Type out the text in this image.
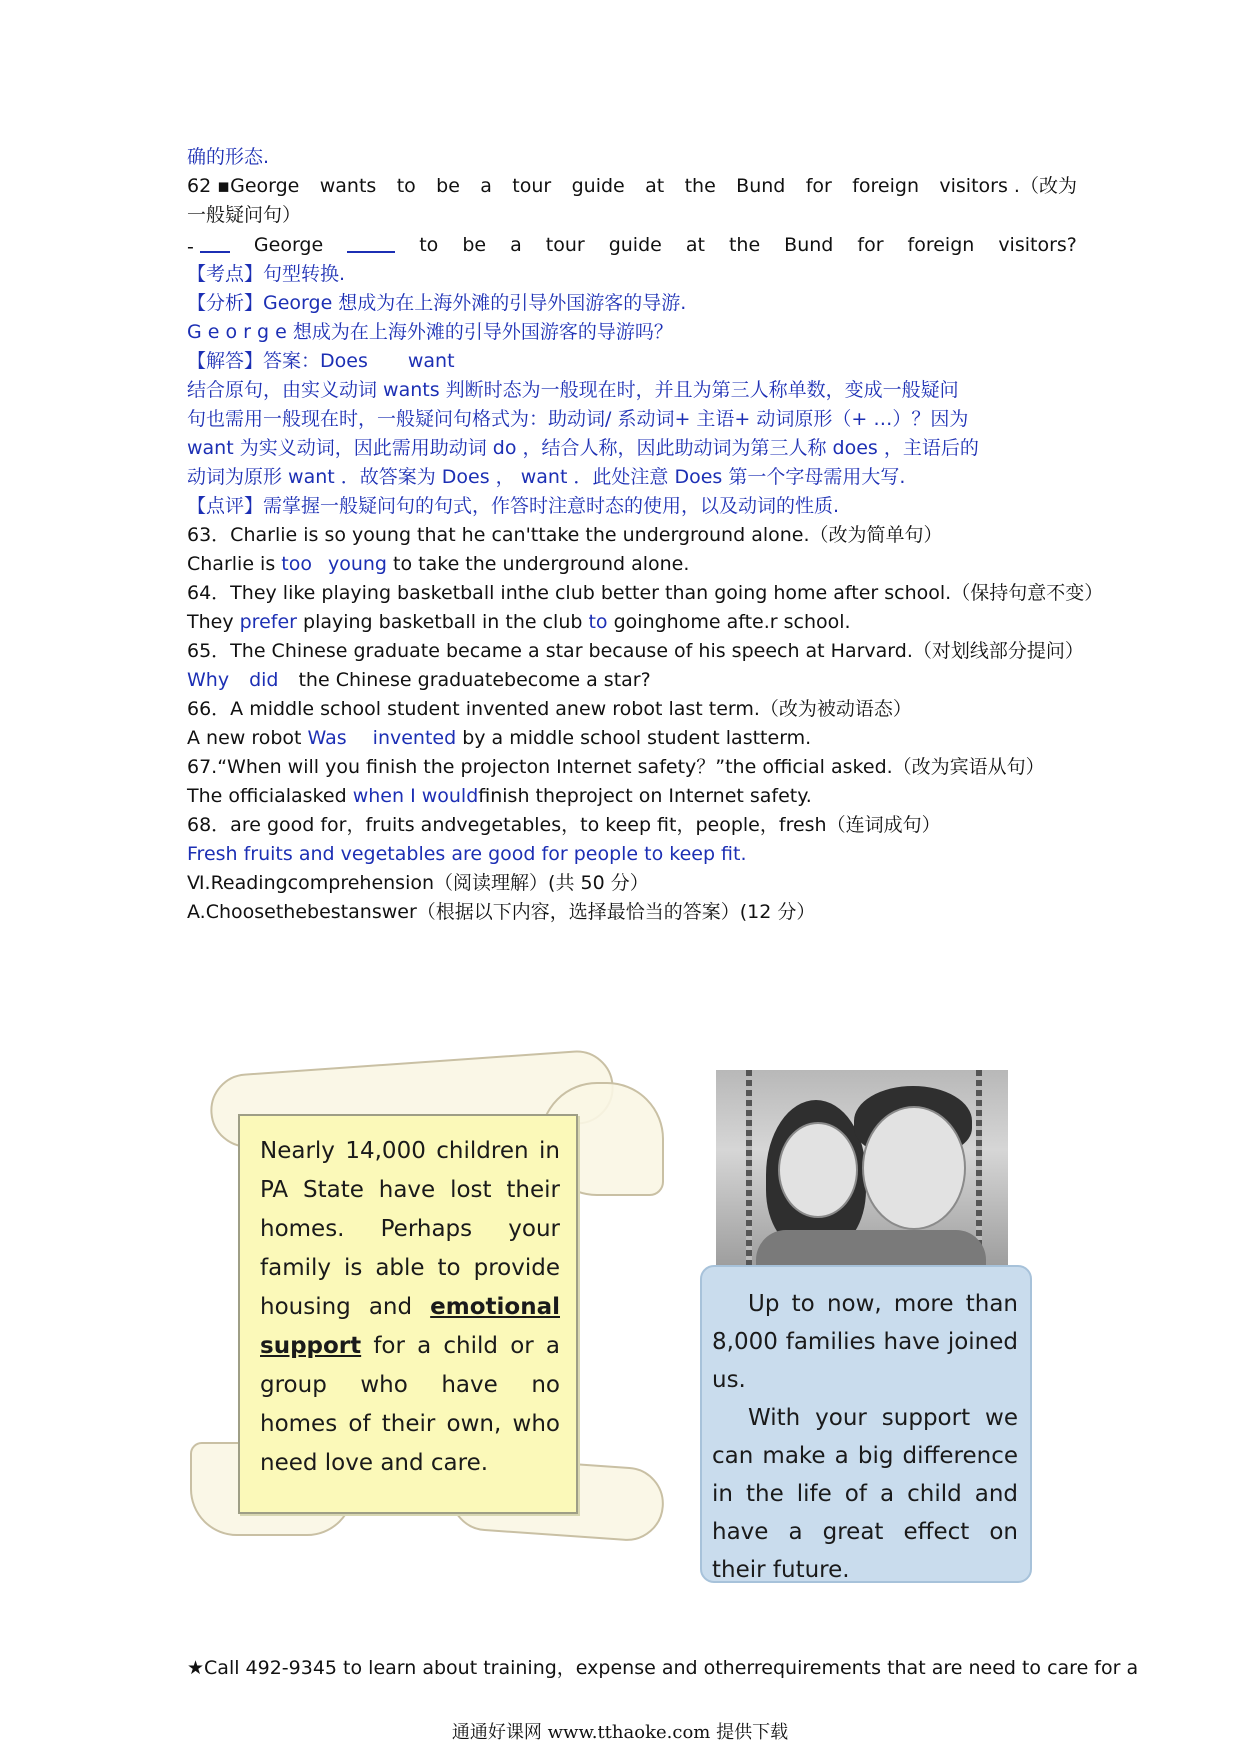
确的形态.
62 ▪George wants to be a tour guide at the Bund for foreign visitors .（改为
一般疑问句）
-	George	to be a tour guide at the Bund for foreign visitors?
【考点】句型转换.
【分析】George 想成为在上海外滩的引导外国游客的导游.
G e o r g e 想成为在上海外滩的引导外国游客的导游吗？
【解答】答案：Does want
结合原句，由实义动词 wants 判断时态为一般现在时，并且为第三人称单数，变成一般疑问
句也需用一般现在时，一般疑问句格式为：助动词/ 系动词+ 主语+ 动词原形（+ …）？因为
want 为实义动词，因此需用助动词 do ，结合人称，因此助动词为第三人称 does ，主语后的
动词为原形 want ．故答案为 Does ， want ．此处注意 Does 第一个字母需用大写.
【点评】需掌握一般疑问句的句式，作答时注意时态的使用，以及动词的性质.
63．Charlie is so young that he can'ttake the underground alone.（改为简单句）
Charlie is too young to take the underground alone.
64．They like playing basketball inthe club better than going home after school.（保持句意不变）
They prefer playing basketball in the club to goinghome afte.r school.
65．The Chinese graduate became a star because of his speech at Harvard.（对划线部分提问）
Why did the Chinese graduatebecome a star?
66．A middle school student invented anew robot last term.（改为被动语态）
A new robot Was invented by a middle school student lastterm.
67.“When will you finish the projecton Internet safety？”the official asked.（改为宾语从句）
The officialasked when I wouldfinish theproject on Internet safety.
68．are good for，fruits andvegetables，to keep fit，people，fresh（连词成句）
Fresh fruits and vegetables are good for people to keep fit.
Ⅵ.Readingcomprehension（阅读理解）(共 50 分）
A.Choosethebestanswer（根据以下内容，选择最恰当的答案）(12 分）
Nearly 14,000 children in PA State have lost their homes. Perhaps your family is able to provide housing and emotional support for a child or a group who have no homes of their own, who need love and care.
Up to now, more than 8,000 families have joined us.
With your support we can make a big difference in the life of a child and have a great effect on their future.
★Call 492-9345 to learn about training，expense and otherrequirements that are need to care for a
通通好课网 www.tthaoke.com 提供下载
